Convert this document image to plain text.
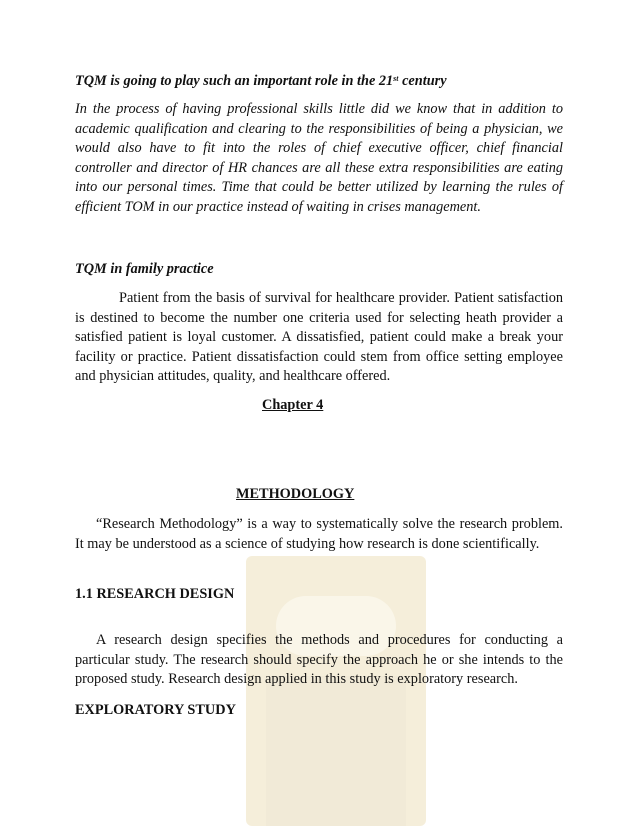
TQM is going to play such an important role in the 21st century
In the process of having professional skills little did we know that in addition to academic qualification and clearing to the responsibilities of being a physician, we would also have to fit into the roles of chief executive officer, chief financial controller and director of HR chances are all these extra responsibilities are eating into our personal times. Time that could be better utilized by learning the rules of efficient TOM in our practice instead of waiting in crises management.
TQM in family practice
Patient from the basis of survival for healthcare provider. Patient satisfaction is destined to become the number one criteria used for selecting heath provider a satisfied patient is loyal customer. A dissatisfied, patient could make a break your facility or practice. Patient dissatisfaction could stem from office setting employee and physician attitudes, quality, and healthcare offered.
Chapter 4
METHODOLOGY
“Research Methodology” is a way to systematically solve the research problem. It may be understood as a science of studying how research is done scientifically.
1.1 RESEARCH DESIGN
A research design specifies the methods and procedures for conducting a particular study. The research should specify the approach he or she intends to the proposed study. Research design applied in this study is exploratory research.
EXPLORATORY STUDY
